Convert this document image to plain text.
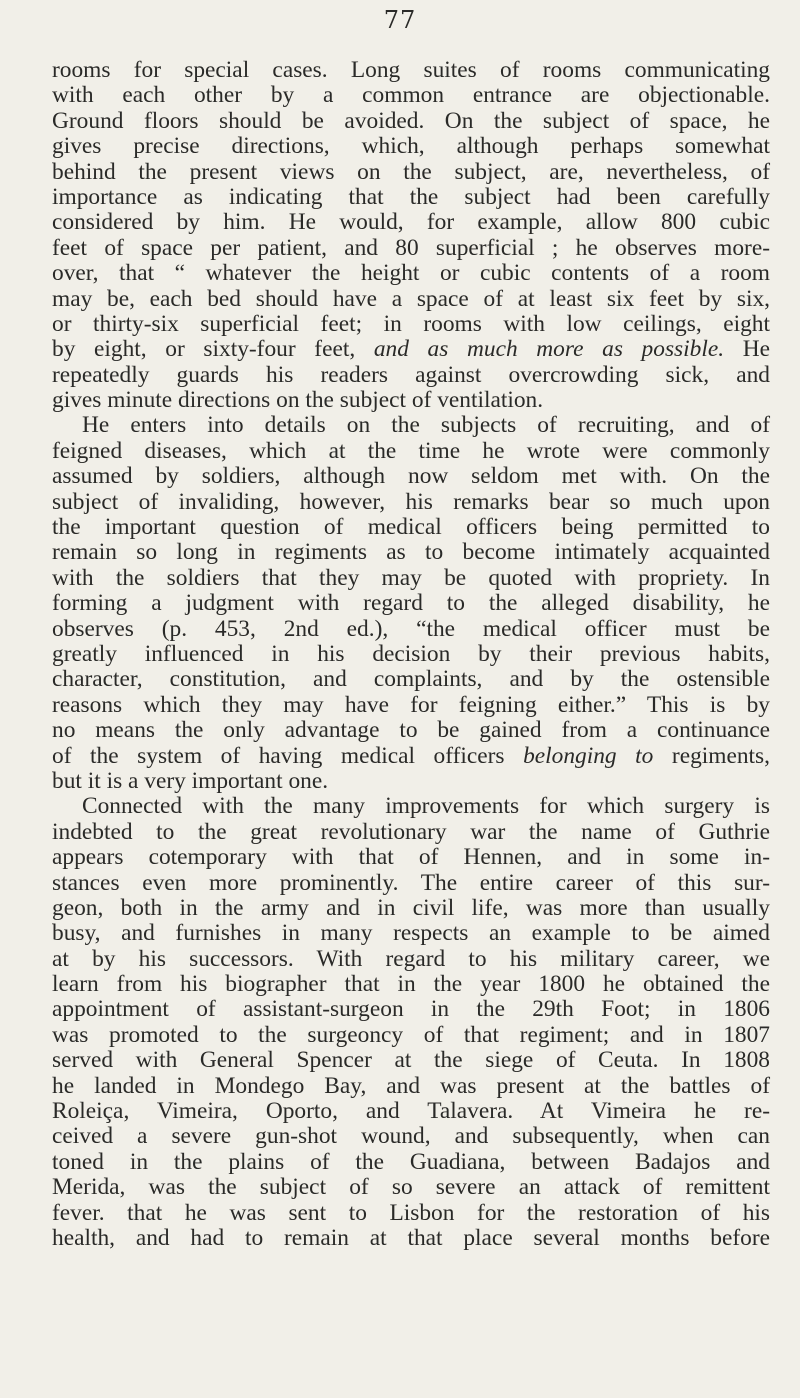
77
rooms for special cases. Long suites of rooms communicating
with each other by a common entrance are objectionable.
Ground floors should be avoided. On the subject of space, he
gives precise directions, which, although perhaps somewhat
behind the present views on the subject, are, nevertheless, of
importance as indicating that the subject had been carefully
considered by him. He would, for example, allow 800 cubic
feet of space per patient, and 80 superficial ; he observes more-
over, that “ whatever the height or cubic contents of a room
may be, each bed should have a space of at least six feet by six,
or thirty-six superficial feet; in rooms with low ceilings, eight
by eight, or sixty-four feet, and as much more as possible. He
repeatedly guards his readers against overcrowding sick, and
gives minute directions on the subject of ventilation.
He enters into details on the subjects of recruiting, and of
feigned diseases, which at the time he wrote were commonly
assumed by soldiers, although now seldom met with. On the
subject of invaliding, however, his remarks bear so much upon
the important question of medical officers being permitted to
remain so long in regiments as to become intimately acquainted
with the soldiers that they may be quoted with propriety. In
forming a judgment with regard to the alleged disability, he
observes (p. 453, 2nd ed.), “the medical officer must be
greatly influenced in his decision by their previous habits,
character, constitution, and complaints, and by the ostensible
reasons which they may have for feigning either.” This is by
no means the only advantage to be gained from a continuance
of the system of having medical officers belonging to regiments,
but it is a very important one.
Connected with the many improvements for which surgery is
indebted to the great revolutionary war the name of Guthrie
appears cotemporary with that of Hennen, and in some in-
stances even more prominently. The entire career of this sur-
geon, both in the army and in civil life, was more than usually
busy, and furnishes in many respects an example to be aimed
at by his successors. With regard to his military career, we
learn from his biographer that in the year 1800 he obtained the
appointment of assistant-surgeon in the 29th Foot; in 1806
was promoted to the surgeoncy of that regiment; and in 1807
served with General Spencer at the siege of Ceuta. In 1808
he landed in Mondego Bay, and was present at the battles of
Roleiça, Vimeira, Oporto, and Talavera. At Vimeira he re-
ceived a severe gun-shot wound, and subsequently, when can
toned in the plains of the Guadiana, between Badajos and
Merida, was the subject of so severe an attack of remittent
fever. that he was sent to Lisbon for the restoration of his
health, and had to remain at that place several months before
